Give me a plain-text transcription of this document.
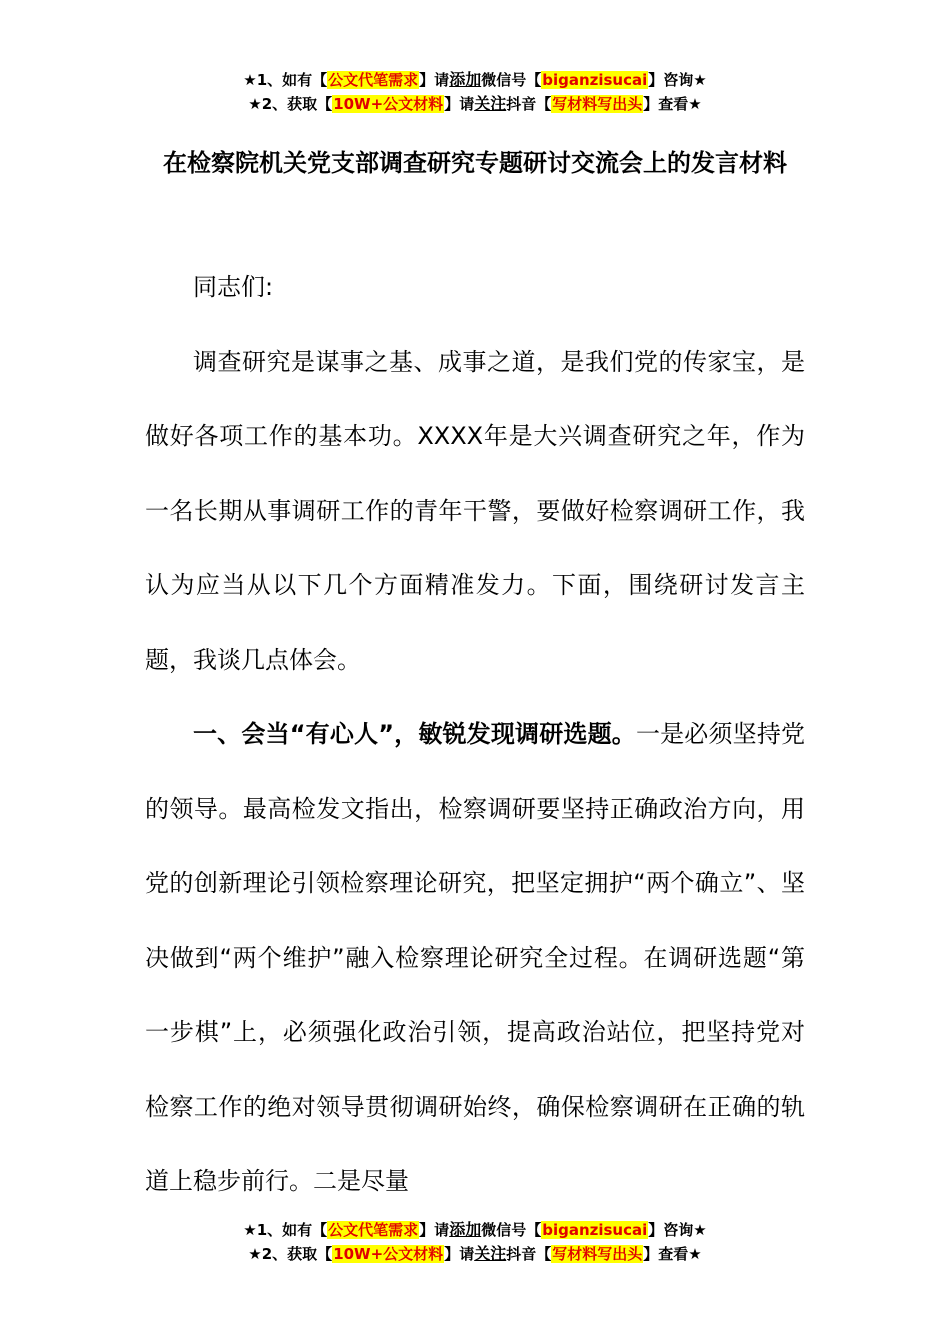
★1、如有【公文代笔需求】请添加微信号【biganzisucai】咨询★
★2、获取【10W+公文材料】请关注抖音【写材料写出头】查看★
在检察院机关党支部调查研究专题研讨交流会上的发言材料

同志们:

调查研究是谋事之基、成事之道，是我们党的传家宝，是做好各项工作的基本功。XXXX年是大兴调查研究之年，作为一名长期从事调研工作的青年干警，要做好检察调研工作，我认为应当从以下几个方面精准发力。下面，围绕研讨发言主题，我谈几点体会。

一、会当“有心人”，敏锐发现调研选题。一是必须坚持党的领导。最高检发文指出，检察调研要坚持正确政治方向，用党的创新理论引领检察理论研究，把坚定拥护“两个确立”、坚决做到“两个维护”融入检察理论研究全过程。在调研选题“第一步棋”上，必须强化政治引领，提高政治站位，把坚持党对检察工作的绝对领导贯彻调研始终，确保检察调研在正确的轨道上稳步前行。二是尽量

★1、如有【公文代笔需求】请添加微信号【biganzisucai】咨询★
★2、获取【10W+公文材料】请关注抖音【写材料写出头】查看★
